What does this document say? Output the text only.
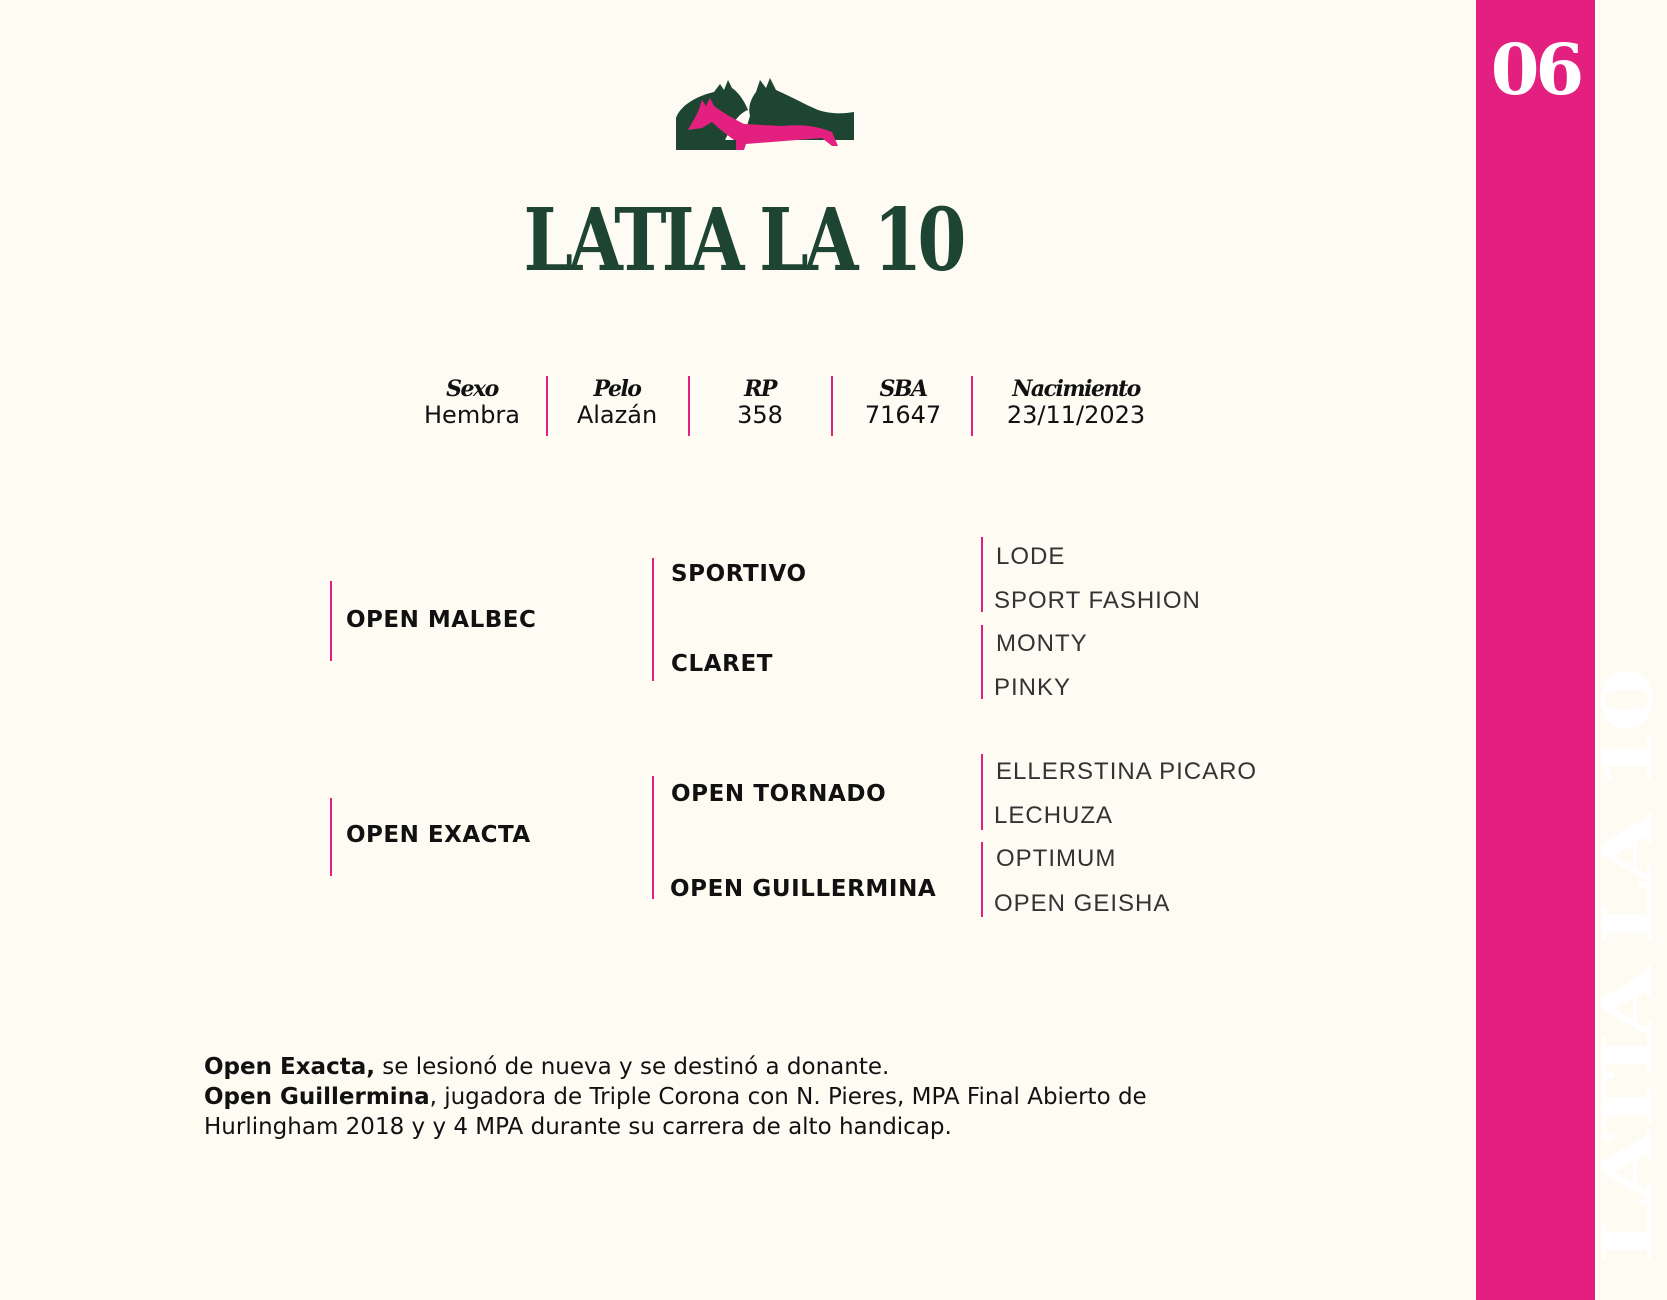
06
LATIA LA 10
LATIA LA 10
Sexo
Hembra
Pelo
Alazán
RP
358
SBA
71647
Nacimiento
23/11/2023
OPEN MALBEC
SPORTIVO
CLARET
LODE
SPORT FASHION
MONTY
PINKY
OPEN EXACTA
OPEN TORNADO
OPEN GUILLERMINA
ELLERSTINA PICARO
LECHUZA
OPTIMUM
OPEN GEISHA
Open Exacta, se lesionó de nueva y se destinó a donante.
Open Guillermina, jugadora de Triple Corona con N. Pieres, MPA Final Abierto de Hurlingham 2018 y y 4 MPA durante su carrera de alto handicap.
